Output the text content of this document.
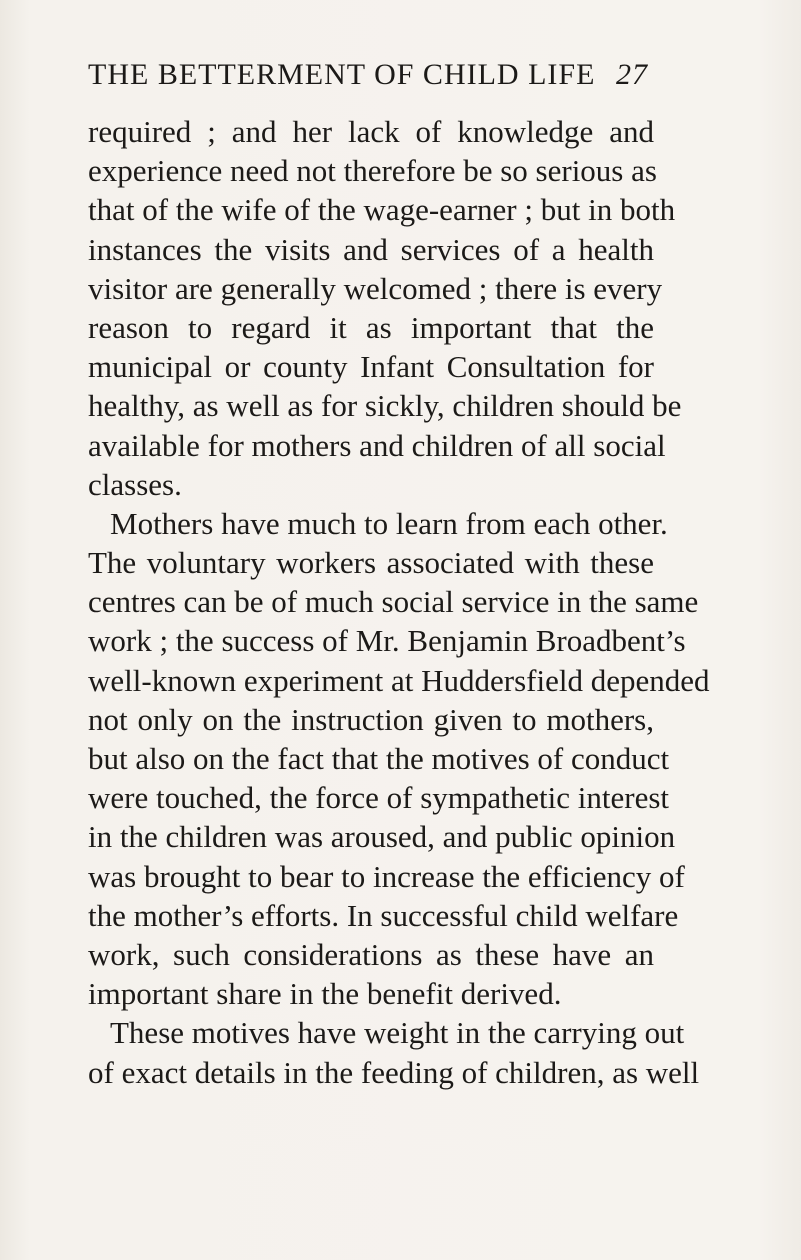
THE BETTERMENT OF CHILD LIFE 27
required ; and her lack of knowledge and
experience need not therefore be so serious as
that of the wife of the wage-earner ; but in both
instances the visits and services of a health
visitor are generally welcomed ; there is every
reason to regard it as important that the
municipal or county Infant Consultation for
healthy, as well as for sickly, children should be
available for mothers and children of all social
classes.
Mothers have much to learn from each other.
The voluntary workers associated with these
centres can be of much social service in the same
work ; the success of Mr. Benjamin Broadbent’s
well-known experiment at Huddersfield depended
not only on the instruction given to mothers,
but also on the fact that the motives of conduct
were touched, the force of sympathetic interest
in the children was aroused, and public opinion
was brought to bear to increase the efficiency of
the mother’s efforts. In successful child welfare
work, such considerations as these have an
important share in the benefit derived.
These motives have weight in the carrying out
of exact details in the feeding of children, as well
